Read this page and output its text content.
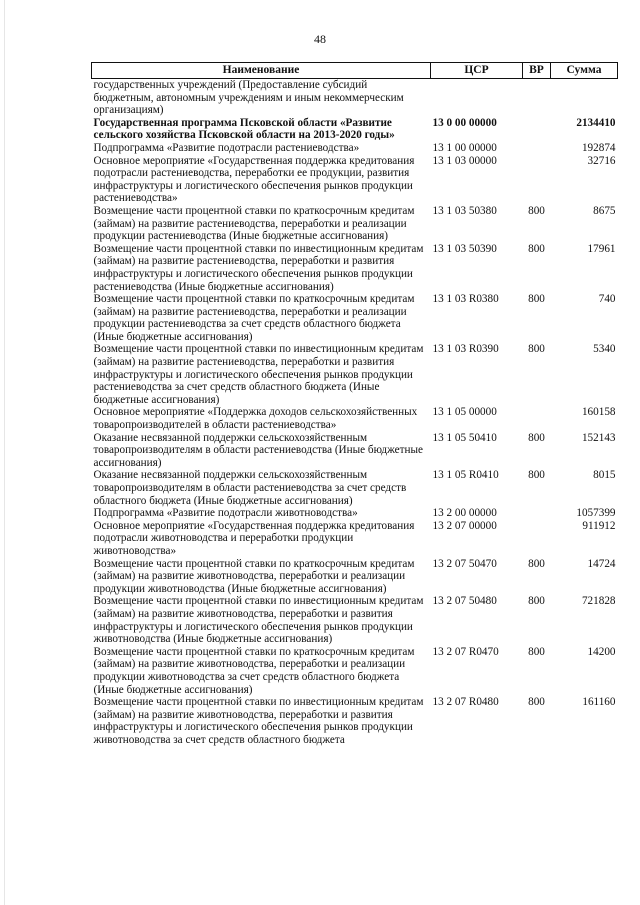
48
Наименование	ЦСР	ВР	Сумма
государственных учреждений (Предоставление субсидий бюджетным, автономным учреждениям и иным некоммерческим организациям)			
Государственная программа Псковской области «Развитие сельского хозяйства Псковской области на 2013-2020 годы»	13 0 00 00000		2134410
Подпрограмма «Развитие подотрасли растениеводства»	13 1 00 00000		192874
Основное мероприятие «Государственная поддержка кредитования подотрасли растениеводства, переработки ее продукции, развития инфраструктуры и логистического обеспечения рынков продукции растениеводства»	13 1 03 00000		32716
Возмещение части процентной ставки по краткосрочным кредитам (займам) на развитие растениеводства, переработки и реализации продукции растениеводства (Иные бюджетные ассигнования)	13 1 03 50380	800	8675
Возмещение части процентной ставки по инвестиционным кредитам (займам) на развитие растениеводства, переработки и развития инфраструктуры и логистического обеспечения рынков продукции растениеводства (Иные бюджетные ассигнования)	13 1 03 50390	800	17961
Возмещение части процентной ставки по краткосрочным кредитам (займам) на развитие растениеводства, переработки и реализации продукции растениеводства за счет средств областного бюджета (Иные бюджетные ассигнования)	13 1 03 R0380	800	740
Возмещение части процентной ставки по инвестиционным кредитам (займам) на развитие растениеводства, переработки и развития инфраструктуры и логистического обеспечения рынков продукции растениеводства за счет средств областного бюджета (Иные бюджетные ассигнования)	13 1 03 R0390	800	5340
Основное мероприятие «Поддержка доходов сельскохозяйственных товаропроизводителей в области растениеводства»	13 1 05 00000		160158
Оказание несвязанной поддержки сельскохозяйственным товаропроизводителям в области растениеводства (Иные бюджетные ассигнования)	13 1 05 50410	800	152143
Оказание несвязанной поддержки сельскохозяйственным товаропроизводителям в области растениеводства за счет средств областного бюджета (Иные бюджетные ассигнования)	13 1 05 R0410	800	8015
Подпрограмма «Развитие подотрасли животноводства»	13 2 00 00000		1057399
Основное мероприятие «Государственная поддержка кредитования подотрасли животноводства и переработки продукции животноводства»	13 2 07 00000		911912
Возмещение части процентной ставки по краткосрочным кредитам (займам) на развитие животноводства, переработки и реализации продукции животноводства (Иные бюджетные ассигнования)	13 2 07 50470	800	14724
Возмещение части процентной ставки по инвестиционным кредитам (займам) на развитие животноводства, переработки и развития инфраструктуры и логистического обеспечения рынков продукции животноводства (Иные бюджетные ассигнования)	13 2 07 50480	800	721828
Возмещение части процентной ставки по краткосрочным кредитам (займам) на развитие животноводства, переработки и реализации продукции животноводства за счет средств областного бюджета (Иные бюджетные ассигнования)	13 2 07 R0470	800	14200
Возмещение части процентной ставки по инвестиционным кредитам (займам) на развитие животноводства, переработки и развития инфраструктуры и логистического обеспечения рынков продукции животноводства за счет средств областного бюджета	13 2 07 R0480	800	161160
